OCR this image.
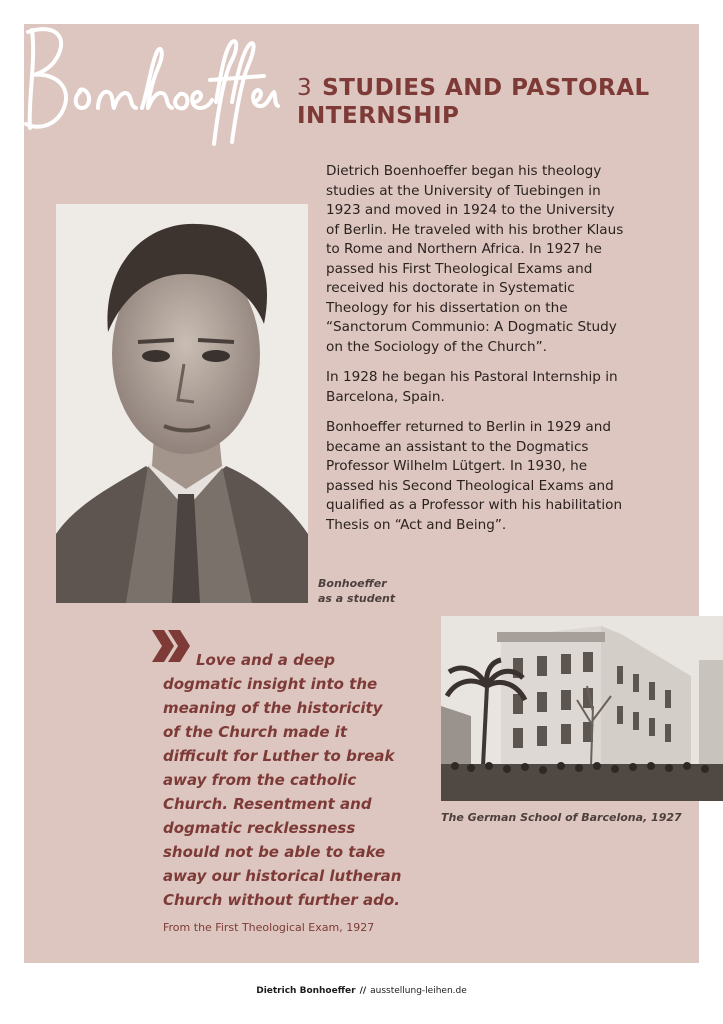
3 STUDIES AND PASTORAL
INTERNSHIP

Dietrich Boenhoeffer began his theology studies at the University of Tuebingen in 1923 and moved in 1924 to the University of Berlin. He traveled with his brother Klaus to Rome and Northern Africa. In 1927 he passed his First Theological Exams and received his doctorate in Systematic Theology for his dissertation on the “Sanctorum Communio: A Dogmatic Study on the Sociology of the Church”.

In 1928 he began his Pastoral Internship in Barcelona, Spain.

Bonhoeffer returned to Berlin in 1929 and became an assistant to the Dogmatics Professor Wilhelm Lütgert. In 1930, he passed his Second Theological Exams and qualified as a Professor with his habilitation Thesis on “Act and Being”.

Bonhoeffer
as a student

Love and a deep dogmatic insight into the meaning of the historicity of the Church made it difficult for Luther to break away from the catholic Church. Resentment and dogmatic recklessness should not be able to take away our historical lutheran Church without further ado.

From the First Theological Exam, 1927
The German School of Barcelona, 1927
Dietrich Bonhoeffer // ausstellung-leihen.de
